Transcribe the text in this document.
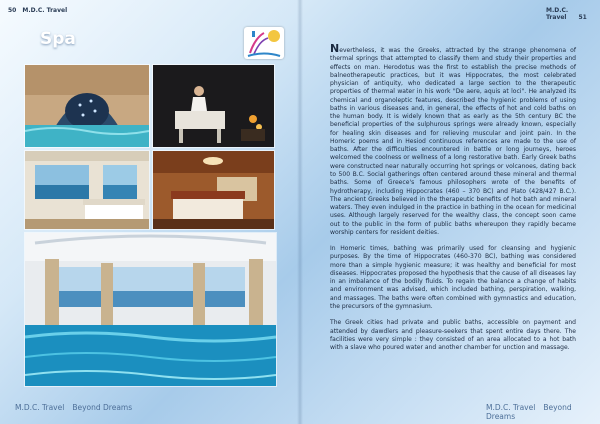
50 M.D.C. Travel
Spa
M.D.C. Travel Beyond Dreams
M.D.C. Travel 51
M.D.C. Travel Beyond Dreams

Nevertheless, it was the Greeks, attracted by the strange phenomena of thermal springs that attempted to classify them and study their properties and effects on man. Herodotus was the first to establish the precise methods of balneotherapeutic practices, but it was Hippocrates, the most celebrated physician of antiquity, who dedicated a large section to the therapeutic properties of thermal water in his work "De aere, aquis at loci". He analyzed its chemical and organoleptic features, described the hygienic problems of using baths in various diseases and, in general, the effects of hot and cold baths on the human body. It is widely known that as early as the 5th century BC the beneficial properties of the sulphurous springs were already known, especially for healing skin diseases and for relieving muscular and joint pain. In the Homeric poems and in Hesiod continuous references are made to the use of baths. After the difficulties encountered in battle or long journeys, heroes welcomed the coolness or wellness of a long restorative bath. Early Greek baths were constructed near naturally occurring hot springs or volcanoes, dating back to 500 B.C. Social gatherings often centered around these mineral and thermal baths. Some of Greece's famous philosophers wrote of the benefits of hydrotherapy, including Hippocrates (460 – 370 BC) and Plato (428/427 B.C.). The ancient Greeks believed in the therapeutic benefits of hot bath and mineral waters. They even indulged in the practice in bathing in the ocean for medicinal uses. Although largely reserved for the wealthy class, the concept soon came out to the public in the form of public baths whereupon they rapidly became worship centers for resident deities.

In Homeric times, bathing was primarily used for cleansing and hygienic purposes. By the time of Hippocrates (460-370 BC), bathing was considered more than a simple hygienic measure; it was healthy and beneficial for most diseases. Hippocrates proposed the hypothesis that the cause of all diseases lay in an imbalance of the bodily fluids. To regain the balance a change of habits and environment was advised, which included bathing, perspiration, walking, and massages. The baths were often combined with gymnastics and education, the precursors of the gymnasium.

The Greek cities had private and public baths, accessible on payment and attended by dawdlers and pleasure-seekers that spent entire days there. The facilities were very simple : they consisted of an area allocated to a hot bath with a slave who poured water and another chamber for unction and massage.
